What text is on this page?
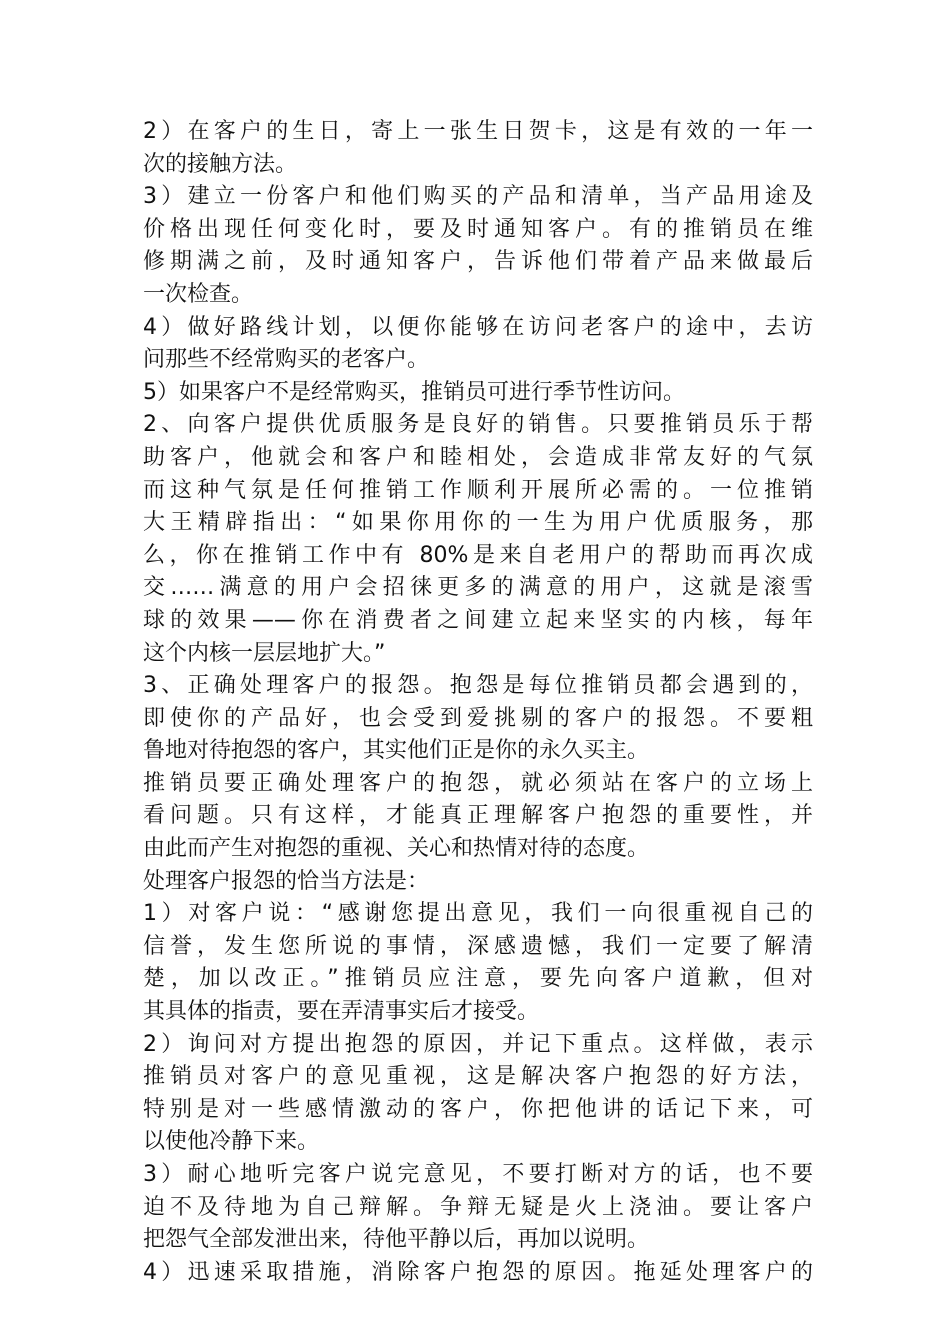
2）在客户的生日，寄上一张生日贺卡，这是有效的一年一
次的接触方法。
3）建立一份客户和他们购买的产品和清单，当产品用途及
价格出现任何变化时，要及时通知客户。有的推销员在维
修期满之前，及时通知客户，告诉他们带着产品来做最后
一次检查。
4）做好路线计划，以便你能够在访问老客户的途中，去访
问那些不经常购买的老客户。
5）如果客户不是经常购买，推销员可进行季节性访问。
2、向客户提供优质服务是良好的销售。只要推销员乐于帮
助客户，他就会和客户和睦相处，会造成非常友好的气氛
而这种气氛是任何推销工作顺利开展所必需的。一位推销
大王精辟指出：“如果你用你的一生为用户优质服务，那
么，你在推销工作中有 80%是来自老用户的帮助而再次成
交……满意的用户会招徕更多的满意的用户，这就是滚雪
球的效果——你在消费者之间建立起来坚实的内核，每年
这个内核一层层地扩大。”
3、正确处理客户的报怨。抱怨是每位推销员都会遇到的，
即使你的产品好，也会受到爱挑剔的客户的报怨。不要粗
鲁地对待抱怨的客户，其实他们正是你的永久买主。
推销员要正确处理客户的抱怨，就必须站在客户的立场上
看问题。只有这样，才能真正理解客户抱怨的重要性，并
由此而产生对抱怨的重视、关心和热情对待的态度。
处理客户报怨的恰当方法是：
1）对客户说：“感谢您提出意见，我们一向很重视自己的
信誉，发生您所说的事情，深感遗憾，我们一定要了解清
楚，加以改正。”推销员应注意，要先向客户道歉，但对
其具体的指责，要在弄清事实后才接受。
2）询问对方提出抱怨的原因，并记下重点。这样做，表示
推销员对客户的意见重视，这是解决客户抱怨的好方法，
特别是对一些感情激动的客户，你把他讲的话记下来，可
以使他冷静下来。
3）耐心地听完客户说完意见，不要打断对方的话，也不要
迫不及待地为自己辩解。争辩无疑是火上浇油。要让客户
把怨气全部发泄出来，待他平静以后，再加以说明。
4）迅速采取措施，消除客户抱怨的原因。拖延处理客户的
